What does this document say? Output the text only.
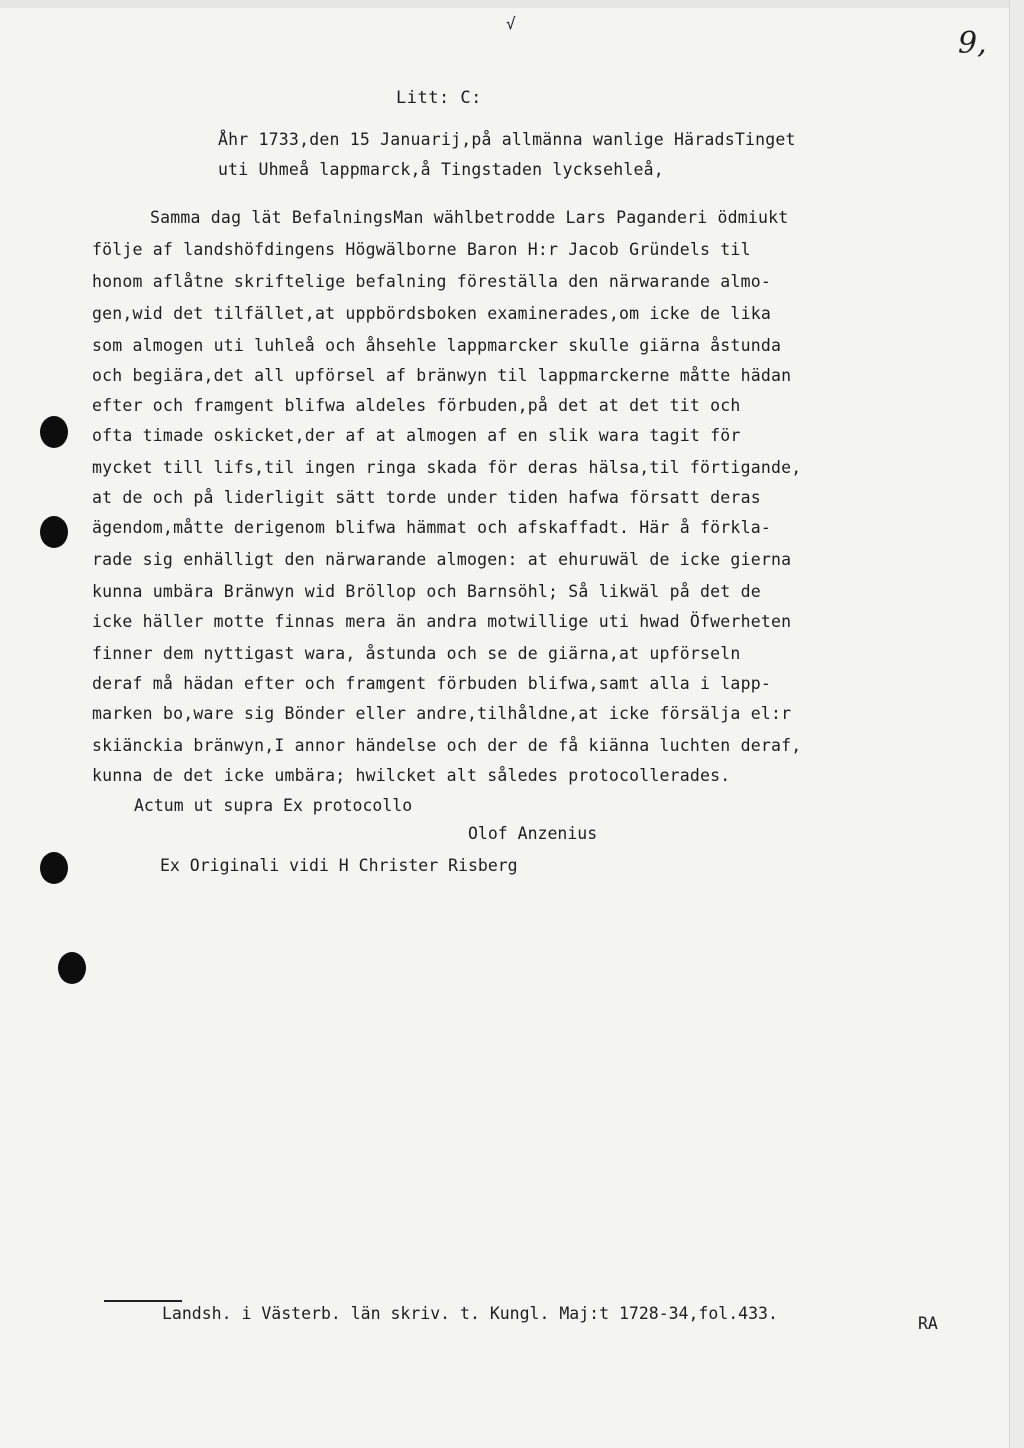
√
9,
Litt: C:
Åhr 1733,den 15 Januarij,på allmänna wanlige HäradsTinget
uti Uhmeå lappmarck,å Tingstaden lycksehleå,
Samma dag lät BefalningsMan wählbetrodde Lars Paganderi ödmiukt
följe af landshöfdingens Högwälborne Baron H:r Jacob Gründels til
honom aflåtne skriftelige befalning föreställa den närwarande almo-
gen,wid det tilfället,at uppbördsboken examinerades,om icke de lika
som almogen uti luhleå och åhsehle lappmarcker skulle giärna åstunda
och begiära,det all upförsel af bränwyn til lappmarckerne måtte hädan
efter och framgent blifwa aldeles förbuden,på det at det tit och
ofta timade oskicket,der af at almogen af en slik wara tagit för
mycket till lifs,til ingen ringa skada för deras hälsa,til förtigande,
at de och på liderligit sätt torde under tiden hafwa försatt deras
ägendom,måtte derigenom blifwa hämmat och afskaffadt. Här å förkla-
rade sig enhälligt den närwarande almogen: at ehuruwäl de icke gierna
kunna umbära Bränwyn wid Bröllop och Barnsöhl; Så likwäl på det de
icke häller motte finnas mera än andra motwillige uti hwad Öfwerheten
finner dem nyttigast wara, åstunda och se de giärna,at upförseln
deraf må hädan efter och framgent förbuden blifwa,samt alla i lapp-
marken bo,ware sig Bönder eller andre,tilhåldne,at icke försälja el:r
skiänckia bränwyn,I annor händelse och der de få kiänna luchten deraf,
kunna de det icke umbära; hwilcket alt således protocollerades.
Actum ut supra Ex protocollo
Olof Anzenius
Ex Originali vidi H Christer Risberg
Landsh. i Västerb. län skriv. t. Kungl. Maj:t 1728-34,fol.433.
RA
